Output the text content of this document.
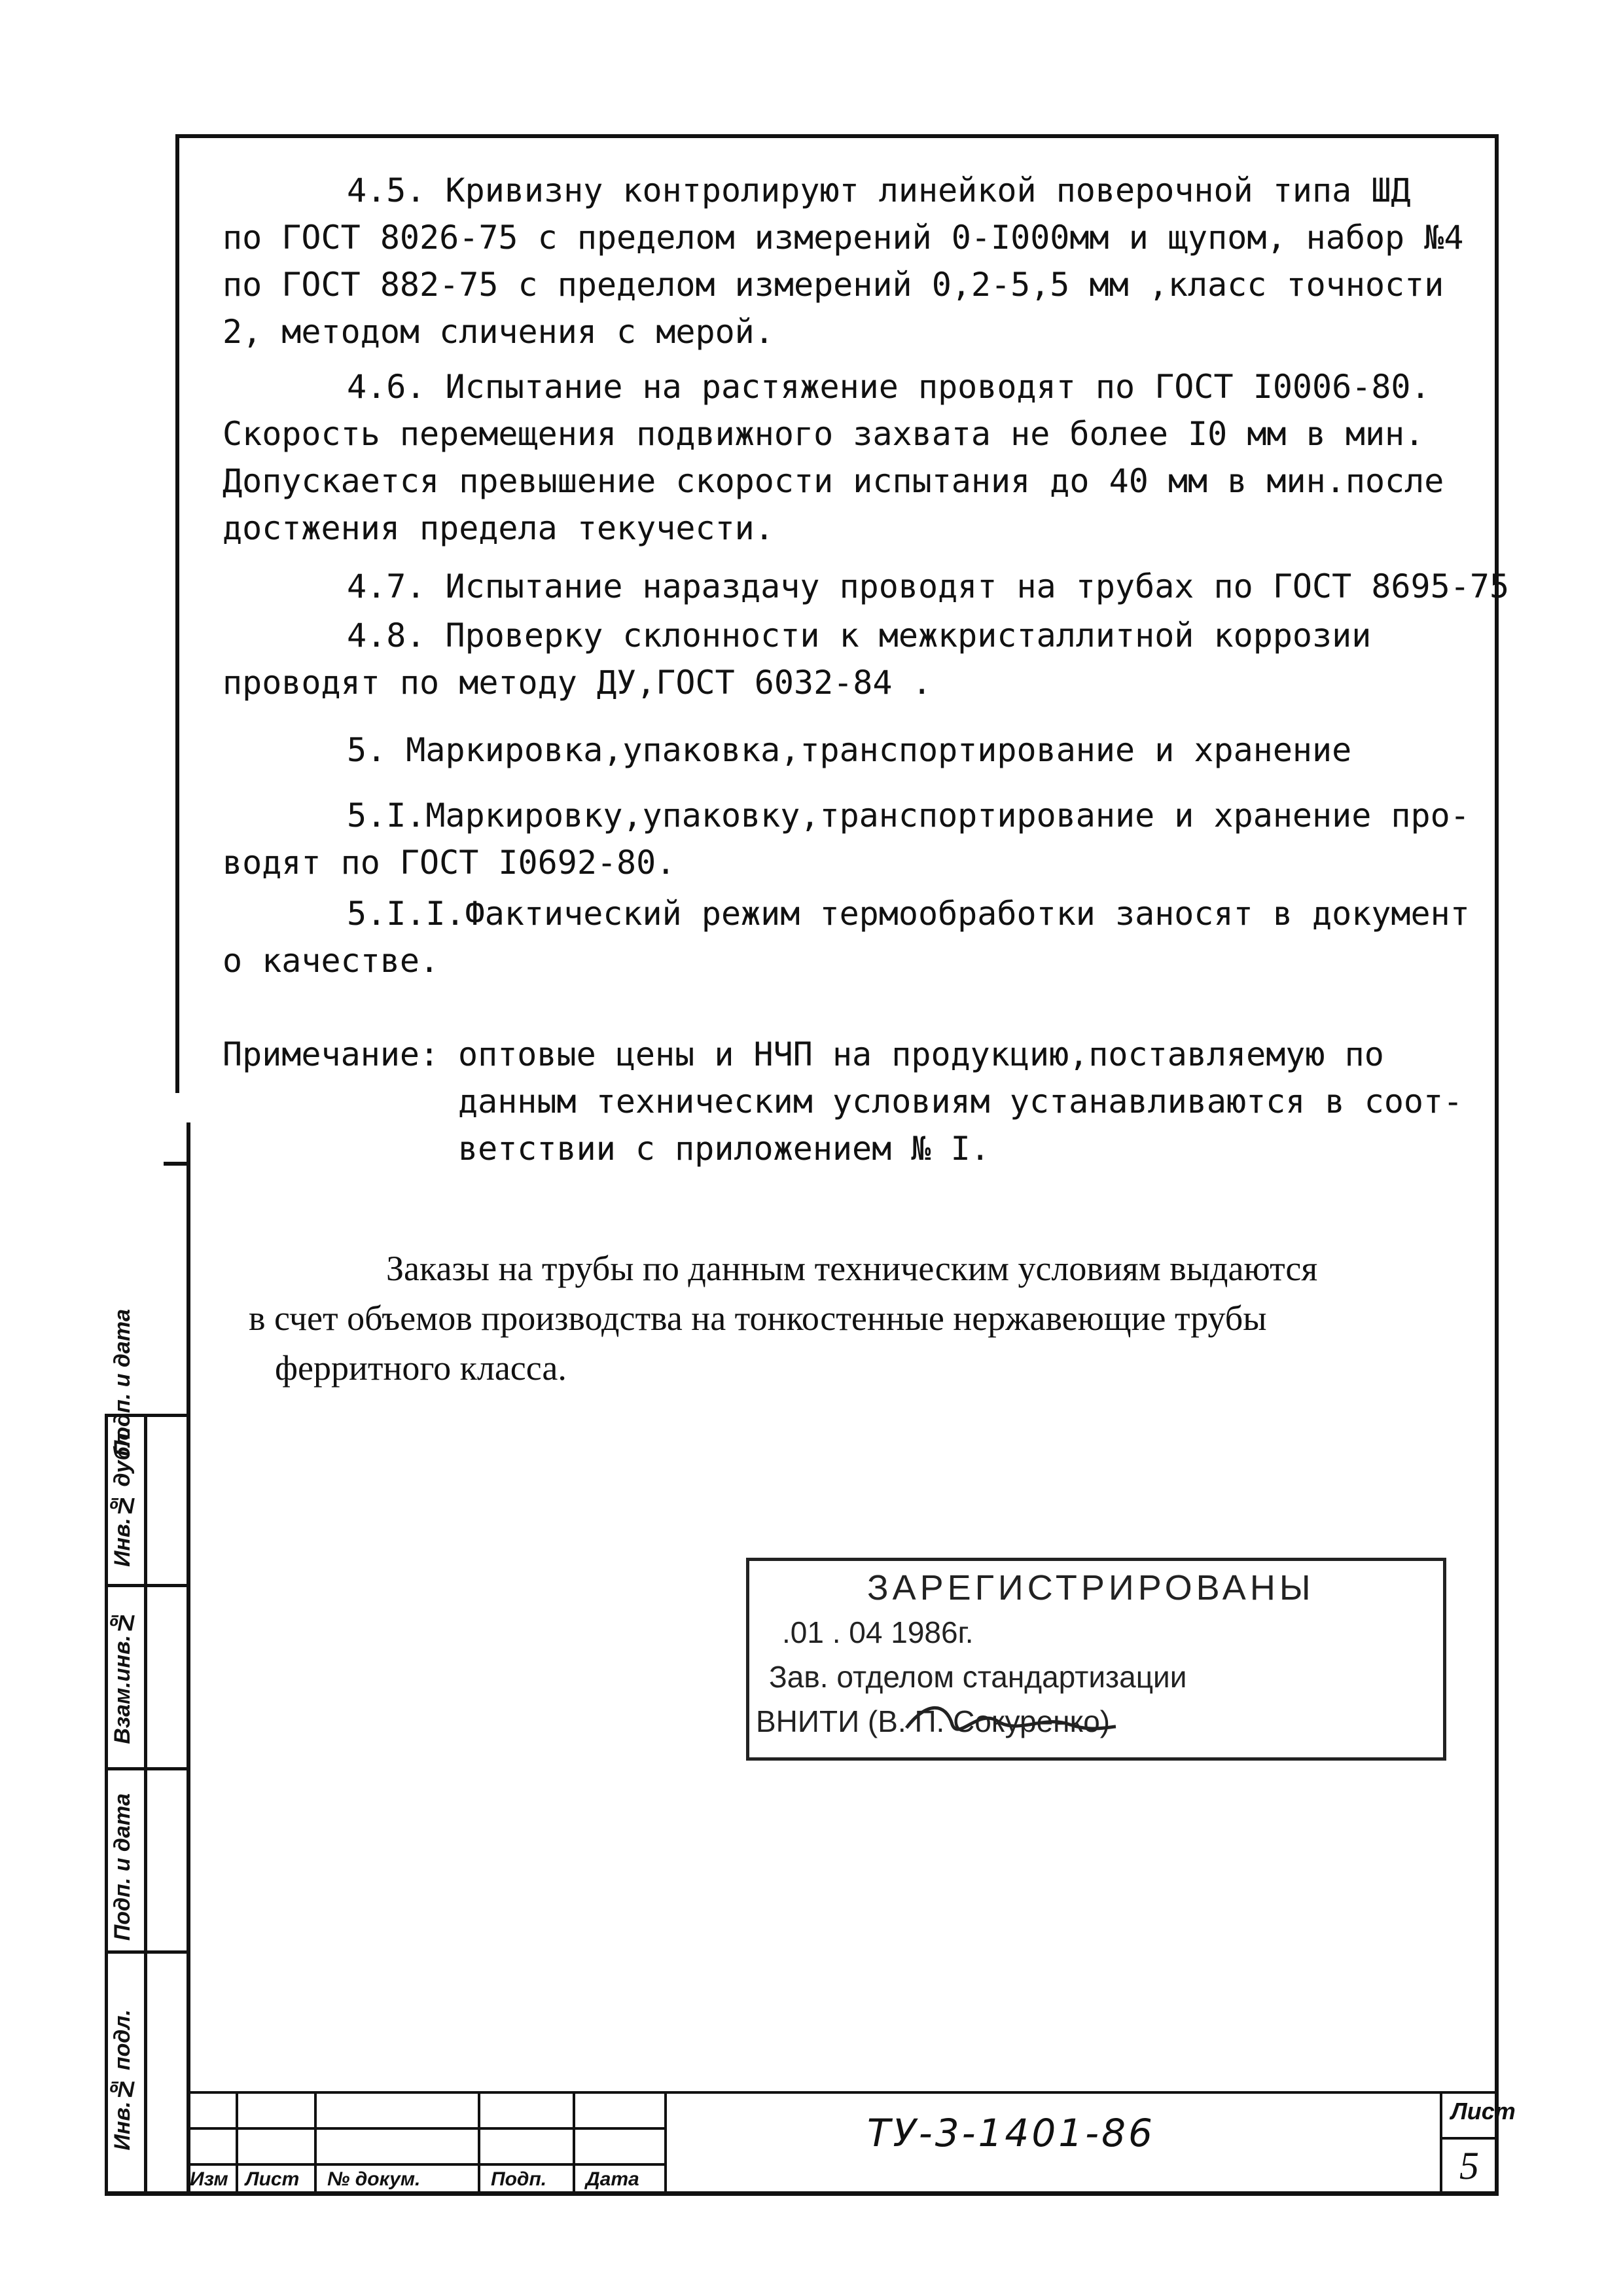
4.5. Кривизну контролируют линейкой поверочной типа ШД
по ГОСТ 8026-75 с пределом измерений 0-I000мм и щупом, набор №4
по ГОСТ 882-75 с пределом измерений 0,2-5,5 мм ,класс точности
2, методом сличения с мерой.
4.6. Испытание на растяжение проводят по ГОСТ I0006-80.
Скорость перемещения подвижного захвата не более I0 мм в мин.
Допускается превышение скорости испытания до 40 мм в мин.после
достжения предела текучести.
4.7. Испытание нараздачу проводят на трубах по ГОСТ 8695-75
4.8. Проверку склонности к межкристаллитной коррозии
проводят по методу ДУ,ГОСТ 6032-84 .
5. Маркировка,упаковка,транспортирование и хранение
5.I.Маркировку,упаковку,транспортирование и хранение про-
водят по ГОСТ I0692-80.
5.I.I.Фактический режим термообработки заносят в документ
о качестве.
Примечание: оптовые цены и НЧП на продукцию,поставляемую по
данным техническим условиям устанавливаются в соот-
ветствии с приложением № I.
Заказы на трубы по данным техническим условиям выдаются
в счет объемов производства на тонкостенные нержавеющие трубы
ферритного класса.
ЗАРЕГИСТРИРОВАНЫ
.01 . 04 1986г.
Зав. отделом стандартизации
ВНИТИ (В. П. Сокуренко)
Изм Лист № докум.	Подп. Дата
ТУ-3-1401-86	Лист
5
Инв.№ подл.
Подп. и дата
Взам.инв.№
Инв.№ дубл.
Подп. и дата
